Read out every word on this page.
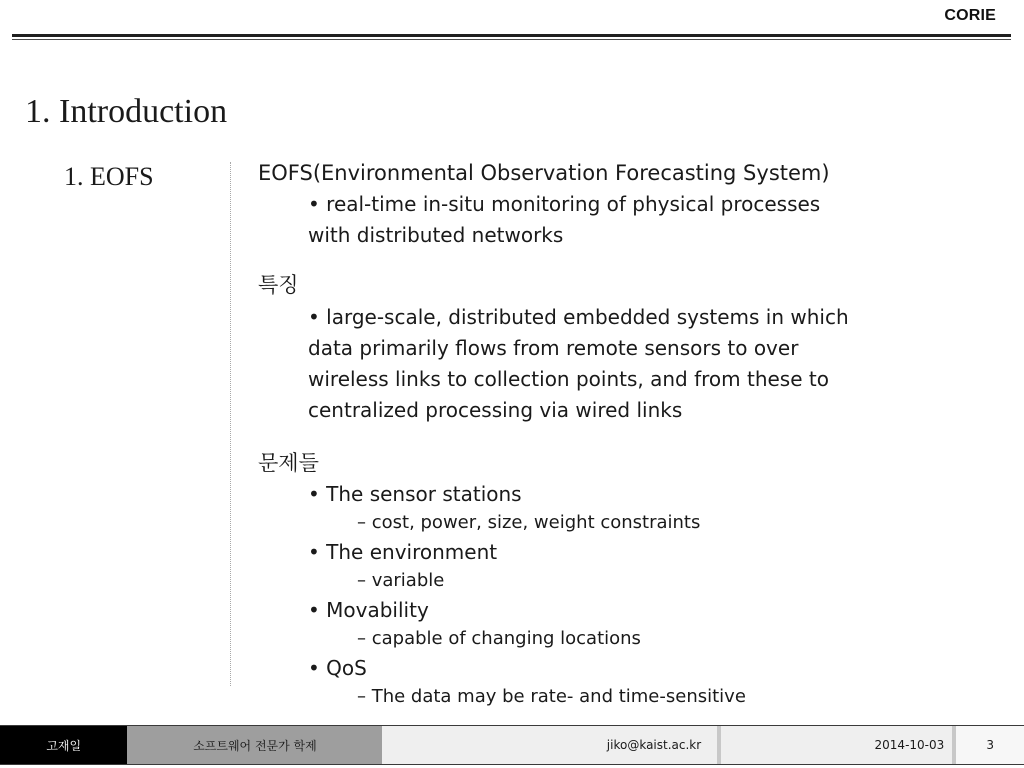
CORIE
1. Introduction
1. EOFS	EOFS(Environmental Observation Forecasting System)
• real-time in-situ monitoring of physical processes
with distributed networks
특징
• large-scale, distributed embedded systems in which
data primarily flows from remote sensors to over
wireless links to collection points, and from these to
centralized processing via wired links
문제들
• The sensor stations
– cost, power, size, weight constraints
• The environment
– variable
• Movability
– capable of changing locations
• QoS
– The data may be rate- and time-sensitive
고재일	소프트웨어 전문가 학제	jiko@kaist.ac.kr	2014-10-03	3
